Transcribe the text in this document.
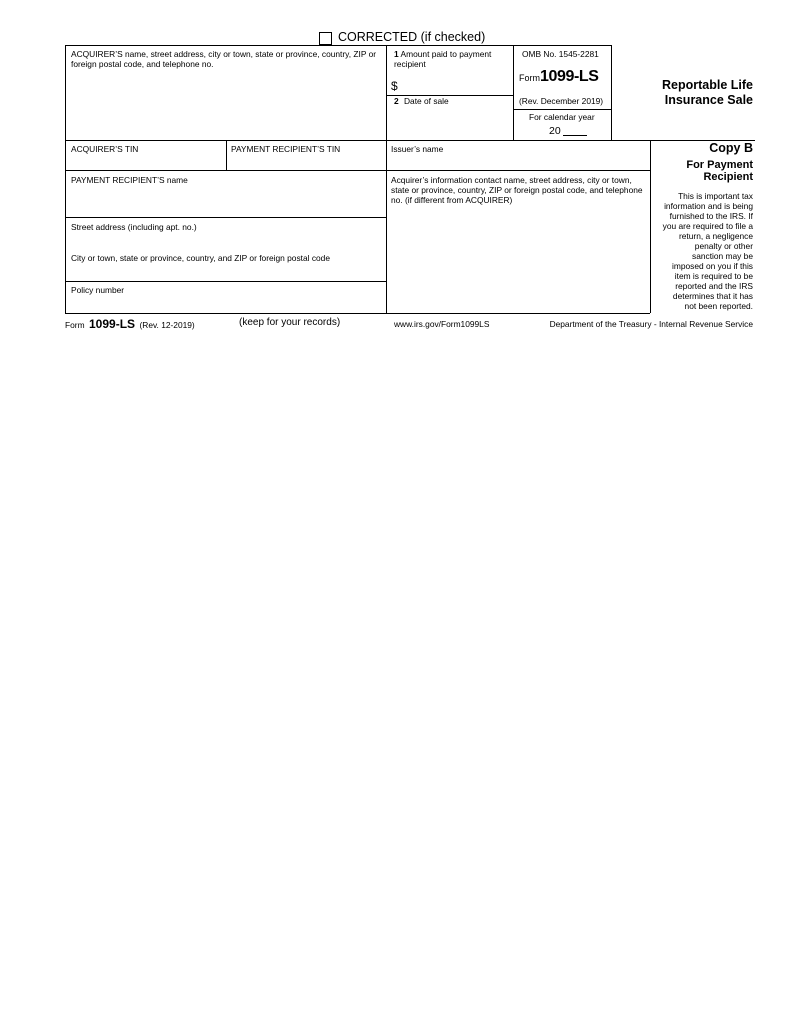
CORRECTED (if checked)
ACQUIRER’S name, street address, city or town, state or province, country, ZIP or foreign postal code, and telephone no.
1 Amount paid to payment recipient
$
2 Date of sale
OMB No. 1545-2281
Form1099-LS
(Rev. December 2019)
For calendar year
20
Reportable Life
Insurance Sale
ACQUIRER’S TIN	PAYMENT RECIPIENT’S TIN	Issuer’s name	Copy B
For Payment
Recipient
This is important tax
information and is being
furnished to the IRS. If
you are required to file a
return, a negligence
penalty or other
sanction may be
imposed on you if this
item is required to be
reported and the IRS
determines that it has
not been reported.
PAYMENT RECIPIENT’S name	Acquirer’s information contact name, street address, city or town, state or province, country, ZIP or foreign postal code, and telephone no. (if different from ACQUIRER)
Street address (including apt. no.)
City or town, state or province, country, and ZIP or foreign postal code
Policy number
Form 1099-LS (Rev. 12-2019)	(keep for your records)	www.irs.gov/Form1099LS	Department of the Treasury - Internal Revenue Service
